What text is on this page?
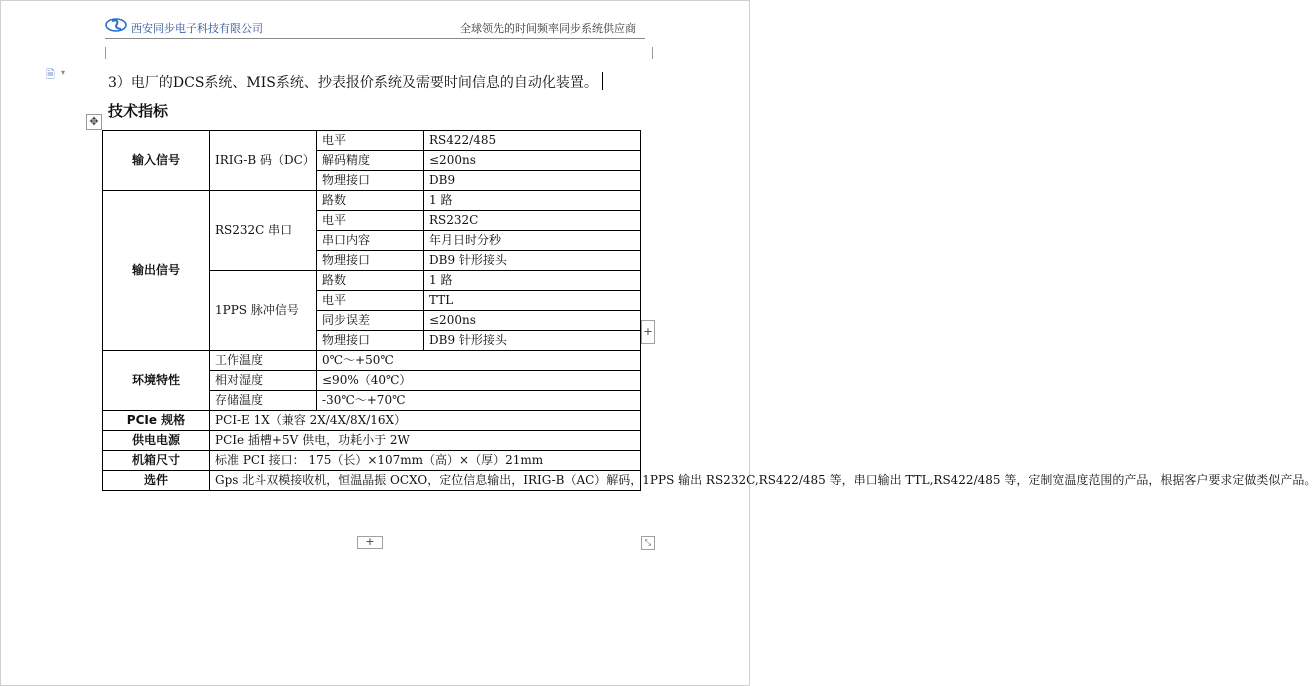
西安同步电子科技有限公司	全球领先的时间频率同步系统供应商
🗎 ▾
3）电厂的DCS系统、MIS系统、抄表报价系统及需要时间信息的自动化装置。
技术指标
✥
输入信号	IRIG-B 码（DC）	电平	RS422/485
		解码精度	≤200ns
		物理接口	DB9
输出信号	RS232C 串口	路数	1 路
		电平	RS232C
		串口内容	年月日时分秒
		物理接口	DB9 针形接头
	1PPS 脉冲信号	路数	1 路
		电平	TTL
		同步误差	≤200ns
		物理接口	DB9 针形接头
环境特性	工作温度	0℃～+50℃	
	相对湿度	≤90%（40℃）	
	存储温度	-30℃～+70℃	
PCIe 规格	PCI-E 1X（兼容 2X/4X/8X/16X）		
供电电源	PCIe 插槽+5V 供电，功耗小于 2W		
机箱尺寸	标准 PCI 接口： 175（长）×107mm（高）×（厚）21mm		
选件	Gps 北斗双模接收机，恒温晶振 OCXO，定位信息输出，IRIG-B（AC）解码，1PPS 输出 RS232C,RS422/485 等，串口输出 TTL,RS422/485 等，定制宽温度范围的产品，根据客户要求定做类似产品。		
+
+	⤡
